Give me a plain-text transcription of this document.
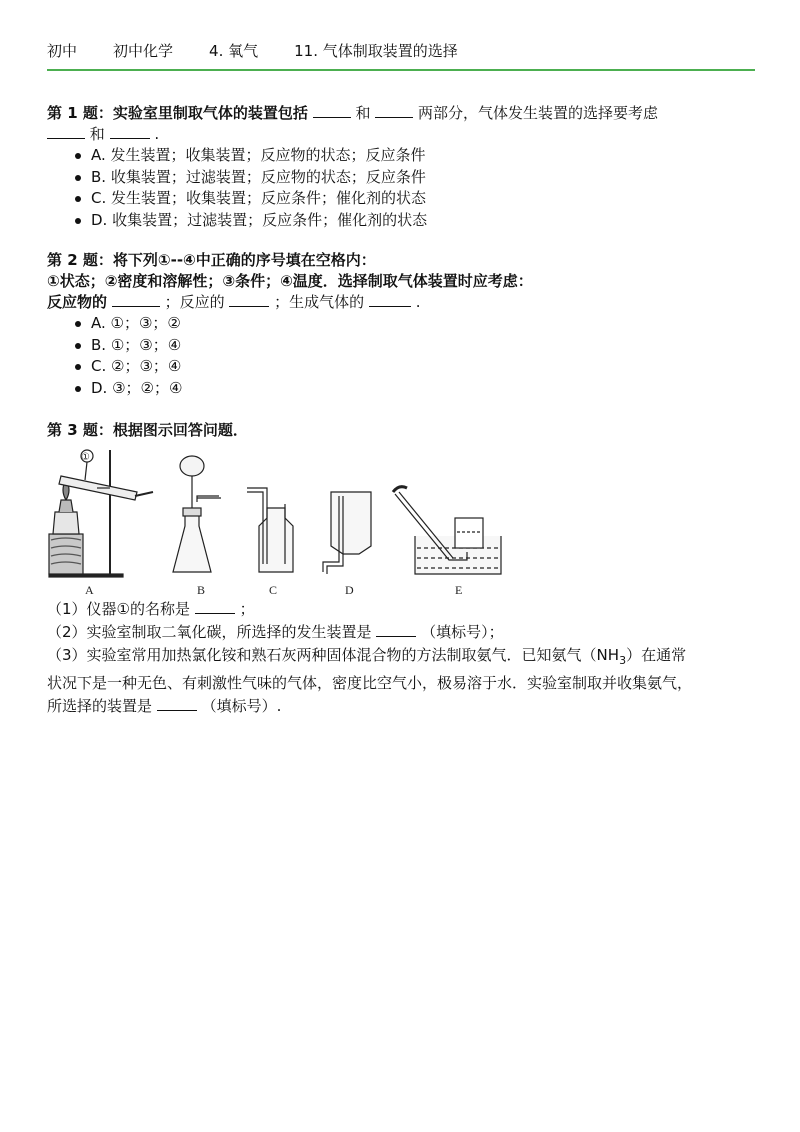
初中 初中化学 4. 氧气 11. 气体制取装置的选择
第 1 题：实验室里制取气体的装置包括	和	两部分，气体发生装置的选择要考虑
和	.
A. 发生装置；收集装置；反应物的状态；反应条件
B. 收集装置；过滤装置；反应物的状态；反应条件
C. 发生装置；收集装置；反应条件；催化剂的状态
D. 收集装置；过滤装置；反应条件；催化剂的状态
第 2 题：将下列①--④中正确的序号填在空格内：
①状态；②密度和溶解性；③条件；④温度．选择制取气体装置时应考虑：
反应物的	；反应的	；生成气体的	.
A. ①；③；②
B. ①；③；④
C. ②；③；④
D. ③；②；④
第 3 题：根据图示回答问题．
①
A	B	C	D	E
（1）仪器①的名称是	；
（2）实验室制取二氧化碳，所选择的发生装置是	（填标号）；
（3）实验室常用加热氯化铵和熟石灰两种固体混合物的方法制取氨气．已知氨气$(NH_3)$在通常
状况下是一种无色、有刺激性气味的气体，密度比空气小，极易溶于水．实验室制取并收集氨气，
所选择的装置是	（填标号）.
